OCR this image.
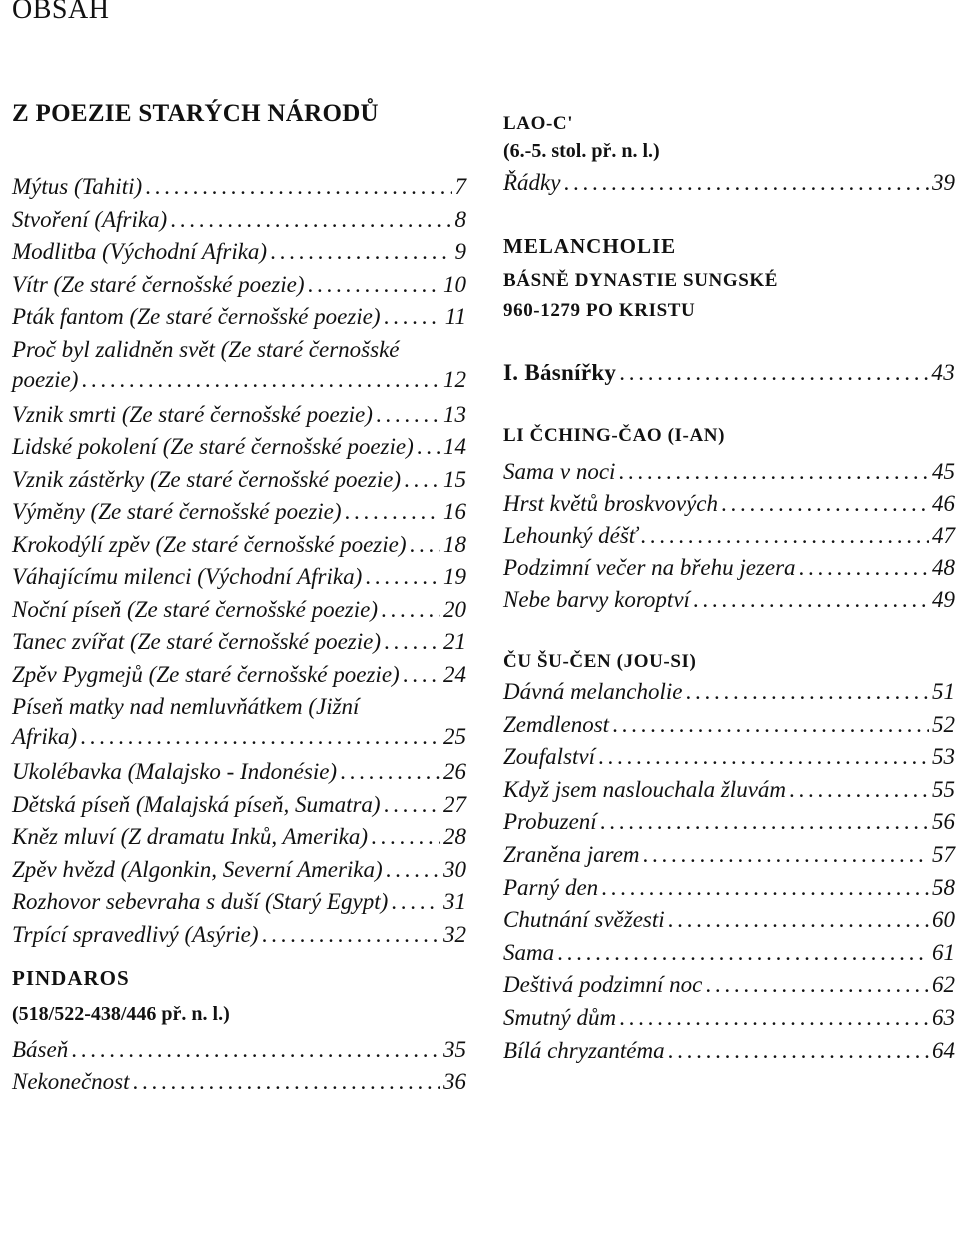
OBSAH
Z POEZIE STARÝCH NÁRODŮ
Mýtus (Tahiti) . . .	7
Stvoření (Afrika) . . .	8
Modlitba (Východní Afrika) . . .	9
Vítr (Ze staré černošské poezie) . . .	10
Pták fantom (Ze staré černošské poezie) . . .	11
Proč byl zalidněn svět (Ze staré černošské
poezie) . . .	12
Vznik smrti (Ze staré černošské poezie) . . .	13
Lidské pokolení (Ze staré černošské poezie) . . . 14
Vznik zástěrky (Ze staré černošské poezie) . . . 15
Výměny (Ze staré černošské poezie) . . .	16
Krokodýlí zpěv (Ze staré černošské poezie) . . . 18
Váhajícímu milenci (Východní Afrika) . . .	19
Noční píseň (Ze staré černošské poezie) . . .	20
Tanec zvířat (Ze staré černošské poezie) . . .	21
Zpěv Pygmejů (Ze staré černošské poezie) . . . 24
Píseň matky nad nemluvňátkem (Jižní
Afrika) . . .	25
Ukolébavka (Malajsko - Indonésie) . . .	26
Dětská píseň (Malajská píseň, Sumatra) . . .	27
Kněz mluví (Z dramatu Inků, Amerika) . . .	28
Zpěv hvězd (Algonkin, Severní Amerika) . . .	30
Rozhovor sebevraha s duší (Starý Egypt) . . . 31
Trpící spravedlivý (Asýrie) . . .	32
PINDAROS
(518/522-438/446 př. n. l.)
Báseň . . .	35
Nekonečnost . . .	36
LAO-C'
(6.-5. stol. př. n. l.)
Řádky . . .	39
MELANCHOLIE
BÁSNĚ DYNASTIE SUNGSKÉ
960-1279 PO KRISTU
I. Básnířky . . .	43
LI ČCHING-ČAO (I-AN)
Sama v noci . . .	45
Hrst květů broskvových . . .	46
Lehounký déšť . . .	47
Podzimní večer na břehu jezera . . .	48
Nebe barvy koroptví . . .	49
ČU ŠU-ČEN (JOU-SI)
Dávná melancholie . . .	51
Zemdlenost . . .	52
Zoufalství . . .	53
Když jsem naslouchala žluvám . . .	55
Probuzení . . .	56
Zraněna jarem . . .	57
Parný den . . .	58
Chutnání svěžesti . . .	60
Sama . . .	61
Deštivá podzimní noc . . .	62
Smutný dům . . .	63
Bílá chryzantéma . . .	64
